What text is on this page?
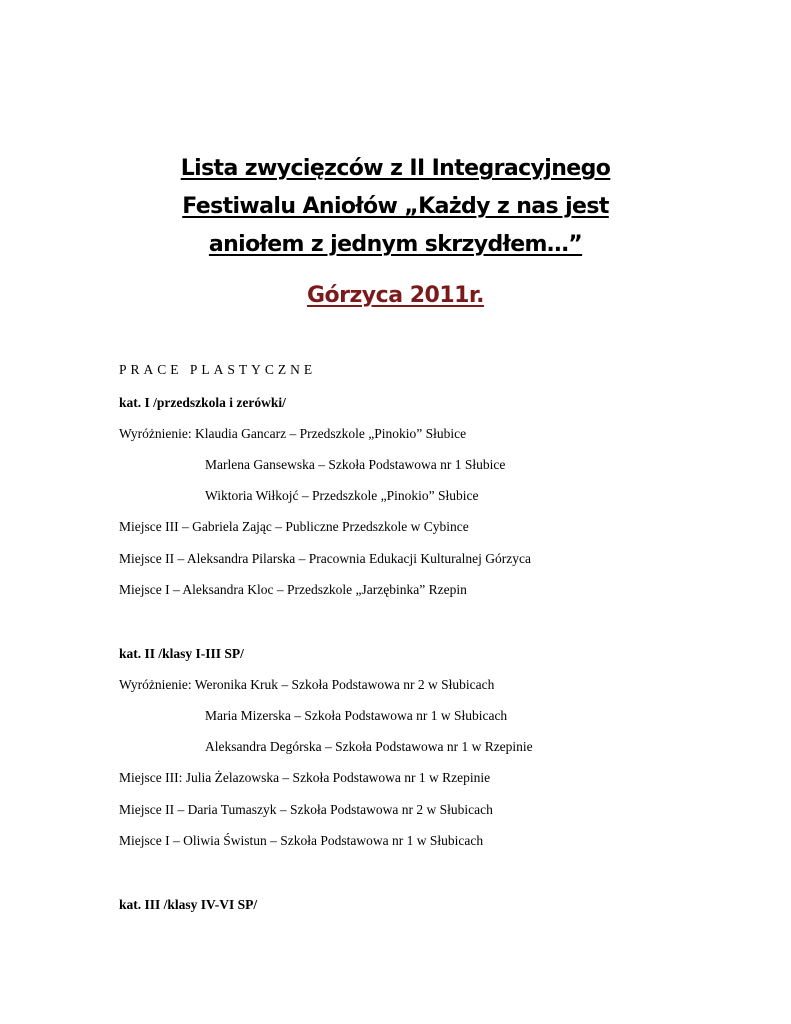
Lista zwycięzców z II Integracyjnego
Festiwalu Aniołów „Każdy z nas jest
aniołem z jednym skrzydłem…”
Górzyca 2011r.
PRACE PLASTYCZNE
kat. I /przedszkola i zerówki/
Wyróżnienie: Klaudia Gancarz – Przedszkole „Pinokio” Słubice
Marlena Gansewska – Szkoła Podstawowa nr 1 Słubice
Wiktoria Wiłkojć – Przedszkole „Pinokio” Słubice
Miejsce III – Gabriela Zając – Publiczne Przedszkole w Cybince
Miejsce II – Aleksandra Pilarska – Pracownia Edukacji Kulturalnej Górzyca
Miejsce I – Aleksandra Kloc – Przedszkole „Jarzębinka” Rzepin
kat. II /klasy I-III SP/
Wyróżnienie: Weronika Kruk – Szkoła Podstawowa nr 2 w Słubicach
Maria Mizerska – Szkoła Podstawowa nr 1 w Słubicach
Aleksandra Degórska – Szkoła Podstawowa nr 1 w Rzepinie
Miejsce III: Julia Żelazowska – Szkoła Podstawowa nr 1 w Rzepinie
Miejsce II – Daria Tumaszyk – Szkoła Podstawowa nr 2 w Słubicach
Miejsce I – Oliwia Świstun – Szkoła Podstawowa nr 1 w Słubicach
kat. III /klasy IV-VI SP/
